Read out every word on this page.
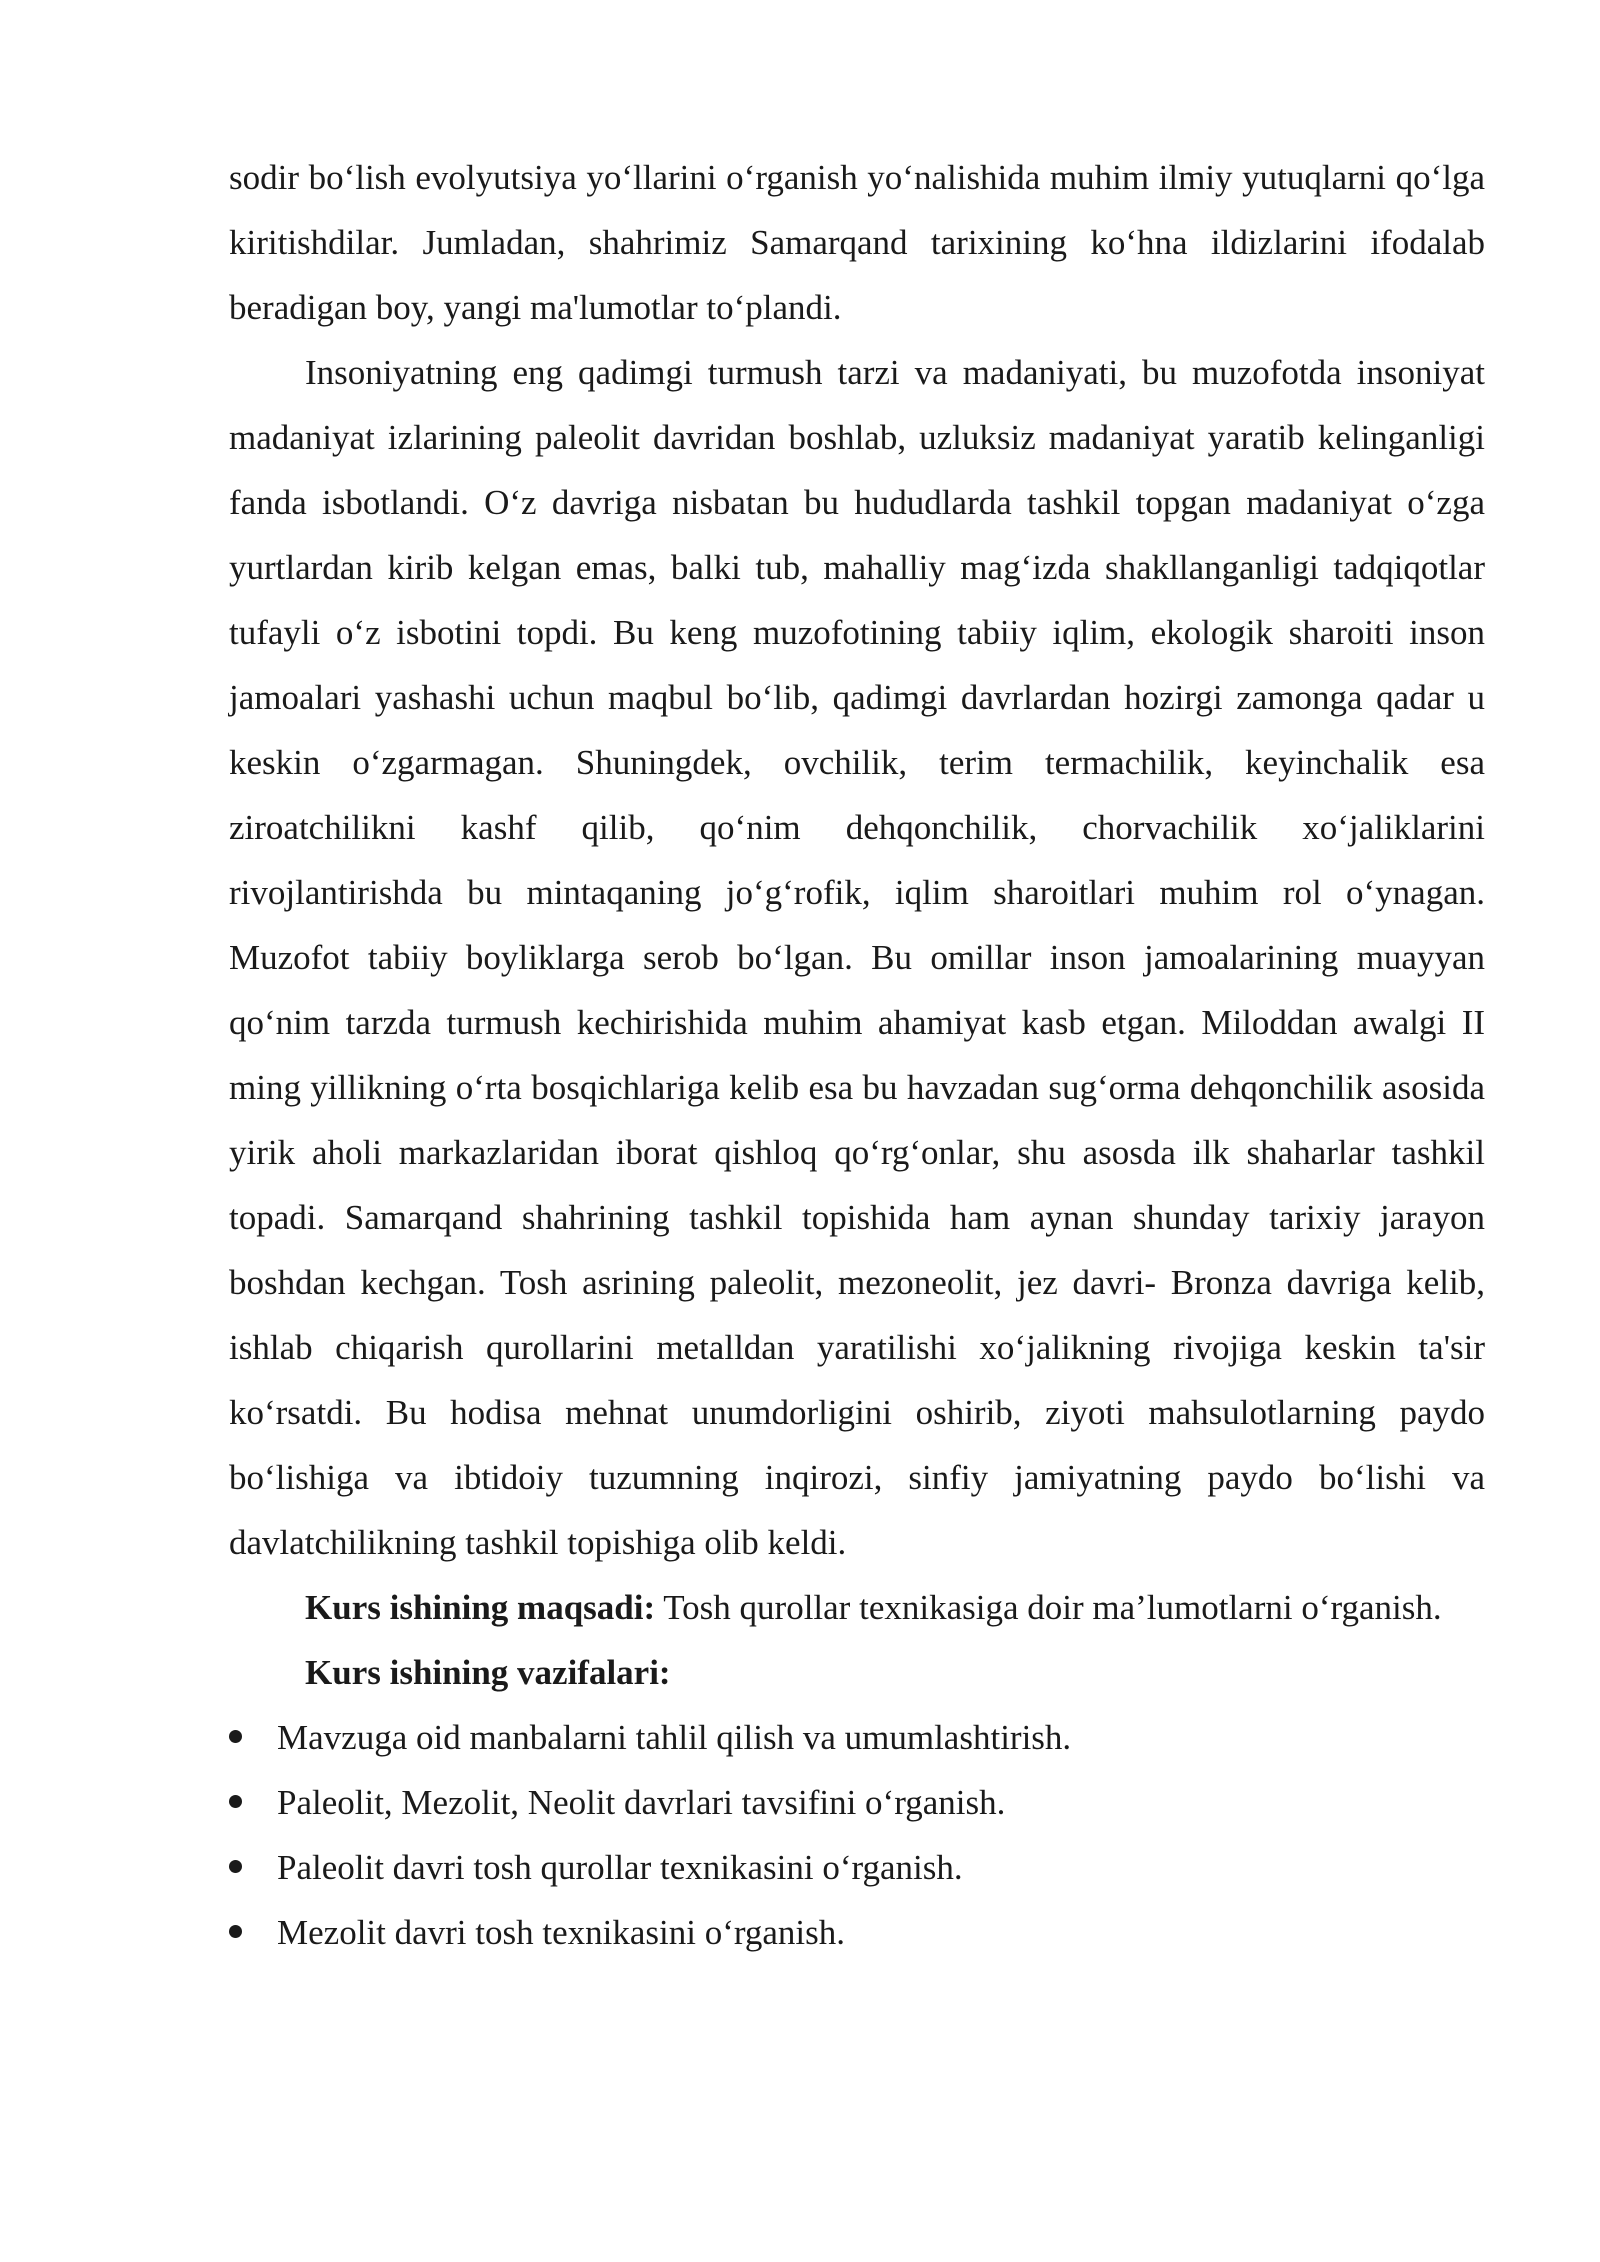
sodir bo‘lish evolyutsiya yo‘llarini o‘rganish yo‘nalishida muhim ilmiy yutuqlarni qo‘lga kiritishdilar. Jumladan, shahrimiz Samarqand tarixining ko‘hna ildizlarini ifodalab beradigan boy, yangi ma'lumotlar to‘plandi.

Insoniyatning eng qadimgi turmush tarzi va madaniyati, bu muzofotda insoniyat madaniyat izlarining paleolit davridan boshlab, uzluksiz madaniyat yaratib kelinganligi fanda isbotlandi. O‘z davriga nisbatan bu hududlarda tashkil topgan madaniyat o‘zga yurtlardan kirib kelgan emas, balki tub, mahalliy mag‘izda shakllanganligi tadqiqotlar tufayli o‘z isbotini topdi. Bu keng muzofotining tabiiy iqlim, ekologik sharoiti inson jamoalari yashashi uchun maqbul bo‘lib, qadimgi davrlardan hozirgi zamonga qadar u keskin o‘zgarmagan. Shuningdek, ovchilik, terim termachilik, keyinchalik esa ziroatchilikni kashf qilib, qo‘nim dehqonchilik, chorvachilik xo‘jaliklarini rivojlantirishda bu mintaqaning jo‘g‘rofik, iqlim sharoitlari muhim rol o‘ynagan. Muzofot tabiiy boyliklarga serob bo‘lgan. Bu omillar inson jamoalarining muayyan qo‘nim tarzda turmush kechirishida muhim ahamiyat kasb etgan. Miloddan awalgi II ming yillikning o‘rta bosqichlariga kelib esa bu havzadan sug‘orma dehqonchilik asosida yirik aholi markazlaridan iborat qishloq qo‘rg‘onlar, shu asosda ilk shaharlar tashkil topadi. Samarqand shahrining tashkil topishida ham aynan shunday tarixiy jarayon boshdan kechgan. Tosh asrining paleolit, mezoneolit, jez davri- Bronza davriga kelib, ishlab chiqarish qurollarini metalldan yaratilishi xo‘jalikning rivojiga keskin ta'sir ko‘rsatdi. Bu hodisa mehnat unumdorligini oshirib, ziyoti mahsulotlarning paydo bo‘lishiga va ibtidoiy tuzumning inqirozi, sinfiy jamiyatning paydo bo‘lishi va davlatchilikning tashkil topishiga olib keldi.

Kurs ishining maqsadi: Tosh qurollar texnikasiga doir ma’lumotlarni o‘rganish.

Kurs ishining vazifalari:

Mavzuga oid manbalarni tahlil qilish va umumlashtirish.
Paleolit, Mezolit, Neolit davrlari tavsifini o‘rganish.
Paleolit davri tosh qurollar texnikasini o‘rganish.
Mezolit davri tosh texnikasini o‘rganish.
